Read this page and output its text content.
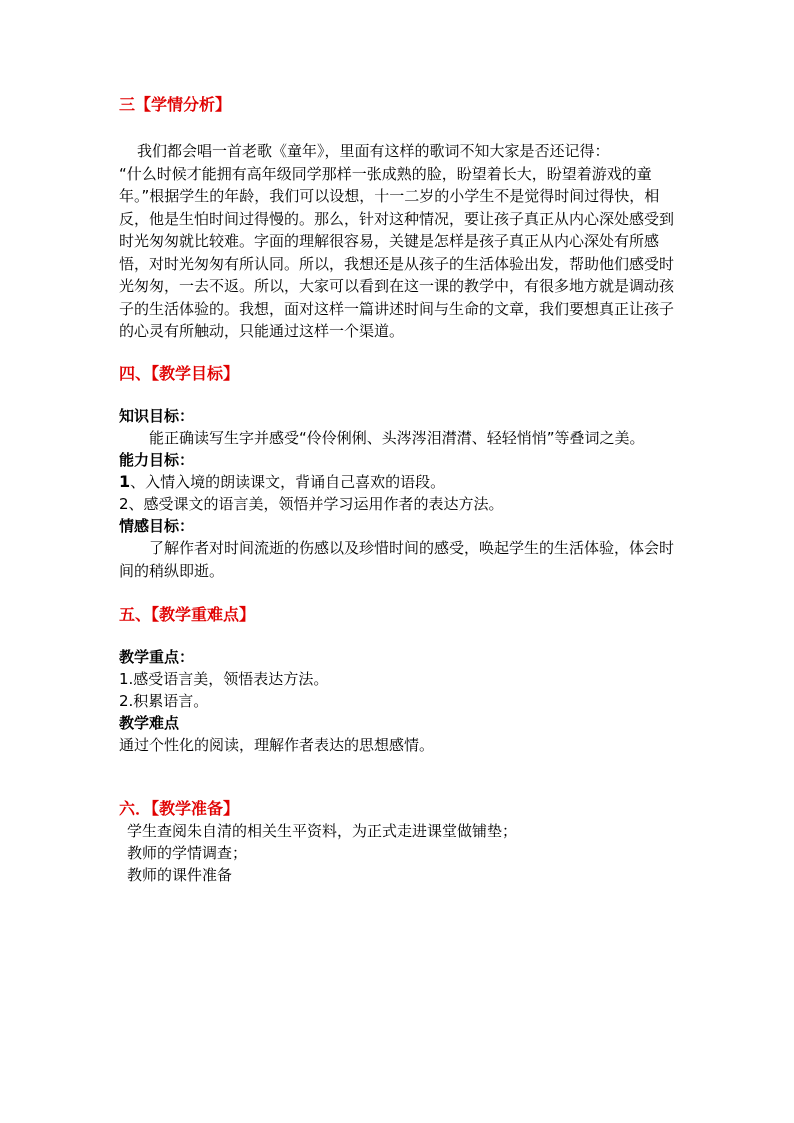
三【学情分析】

我们都会唱一首老歌《童年》，里面有这样的歌词不知大家是否还记得：

“什么时候才能拥有高年级同学那样一张成熟的脸，盼望着长大，盼望着游戏的童年。”根据学生的年龄，我们可以设想，十一二岁的小学生不是觉得时间过得快，相反，他是生怕时间过得慢的。那么，针对这种情况，要让孩子真正从内心深处感受到时光匆匆就比较难。字面的理解很容易，关键是怎样是孩子真正从内心深处有所感悟，对时光匆匆有所认同。所以，我想还是从孩子的生活体验出发，帮助他们感受时光匆匆，一去不返。所以，大家可以看到在这一课的教学中，有很多地方就是调动孩子的生活体验的。我想，面对这样一篇讲述时间与生命的文章，我们要想真正让孩子的心灵有所触动，只能通过这样一个渠道。

四、【教学目标】

知识目标：

能正确读写生字并感受“伶伶俐俐、头涔涔泪潸潸、轻轻悄悄”等叠词之美。

能力目标：

1、入情入境的朗读课文，背诵自己喜欢的语段。

2、感受课文的语言美，领悟并学习运用作者的表达方法。

情感目标：

了解作者对时间流逝的伤感以及珍惜时间的感受，唤起学生的生活体验，体会时间的稍纵即逝。

五、【教学重难点】

教学重点：

1.感受语言美，领悟表达方法。

2.积累语言。

教学难点

通过个性化的阅读，理解作者表达的思想感情。

六．【教学准备】

学生查阅朱自清的相关生平资料，为正式走进课堂做铺垫；

教师的学情调查；

教师的课件准备
